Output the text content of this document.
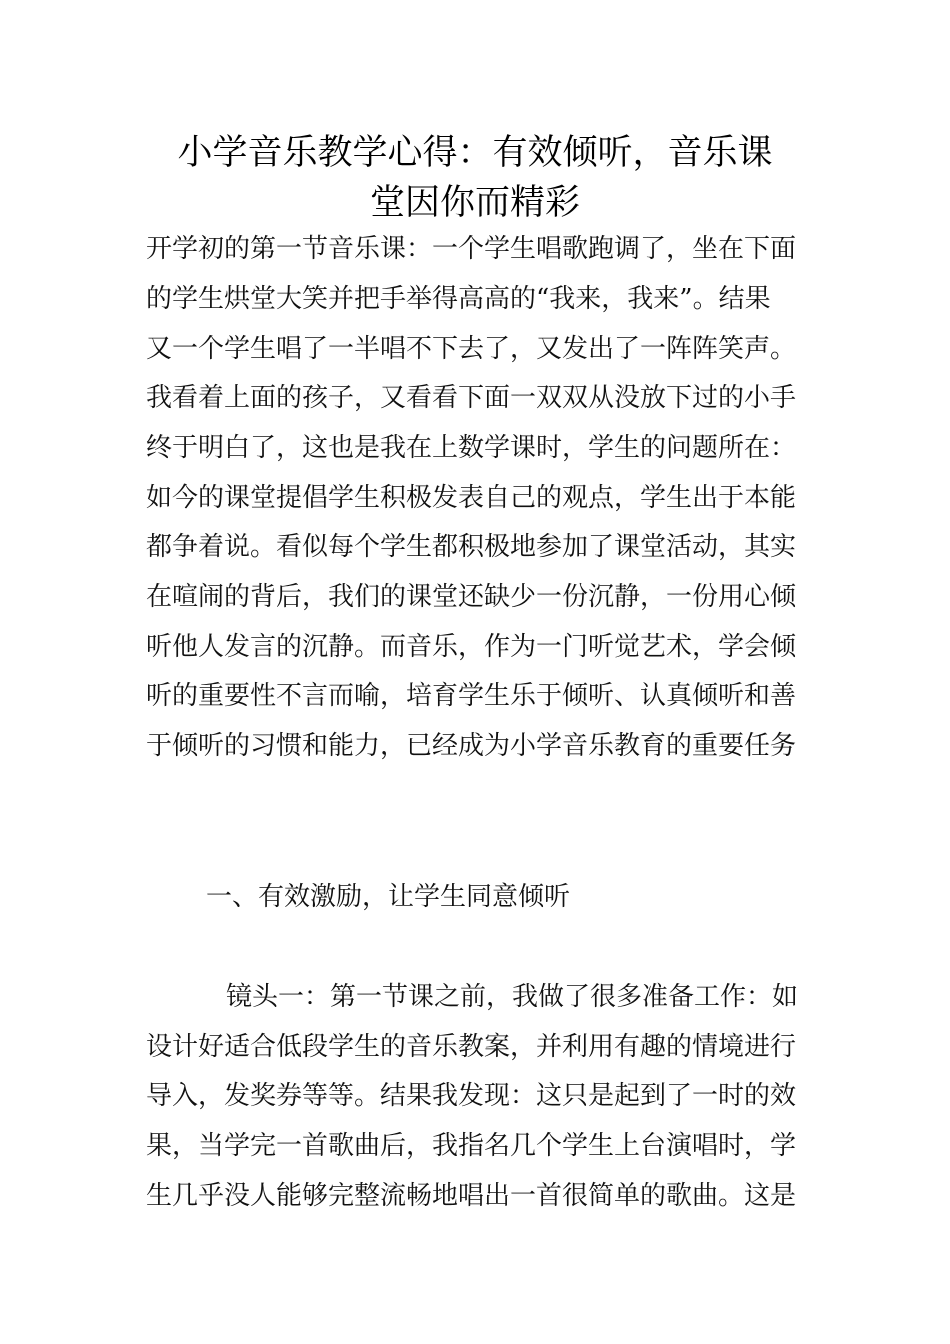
小学音乐教学心得：有效倾听，音乐课
堂因你而精彩
开学初的第一节音乐课：一个学生唱歌跑调了，坐在下面
的学生烘堂大笑并把手举得高高的“我来，我来”。结果
又一个学生唱了一半唱不下去了，又发出了一阵阵笑声。
我看着上面的孩子，又看看下面一双双从没放下过的小手
终于明白了，这也是我在上数学课时，学生的问题所在：
如今的课堂提倡学生积极发表自己的观点，学生出于本能
都争着说。看似每个学生都积极地参加了课堂活动，其实
在喧闹的背后，我们的课堂还缺少一份沉静，一份用心倾
听他人发言的沉静。而音乐，作为一门听觉艺术，学会倾
听的重要性不言而喻，培育学生乐于倾听、认真倾听和善
于倾听的习惯和能力，已经成为小学音乐教育的重要任务
一、有效激励，让学生同意倾听
镜头一：第一节课之前，我做了很多准备工作：如
设计好适合低段学生的音乐教案，并利用有趣的情境进行
导入，发奖券等等。结果我发现：这只是起到了一时的效
果，当学完一首歌曲后，我指名几个学生上台演唱时，学
生几乎没人能够完整流畅地唱出一首很简单的歌曲。这是
